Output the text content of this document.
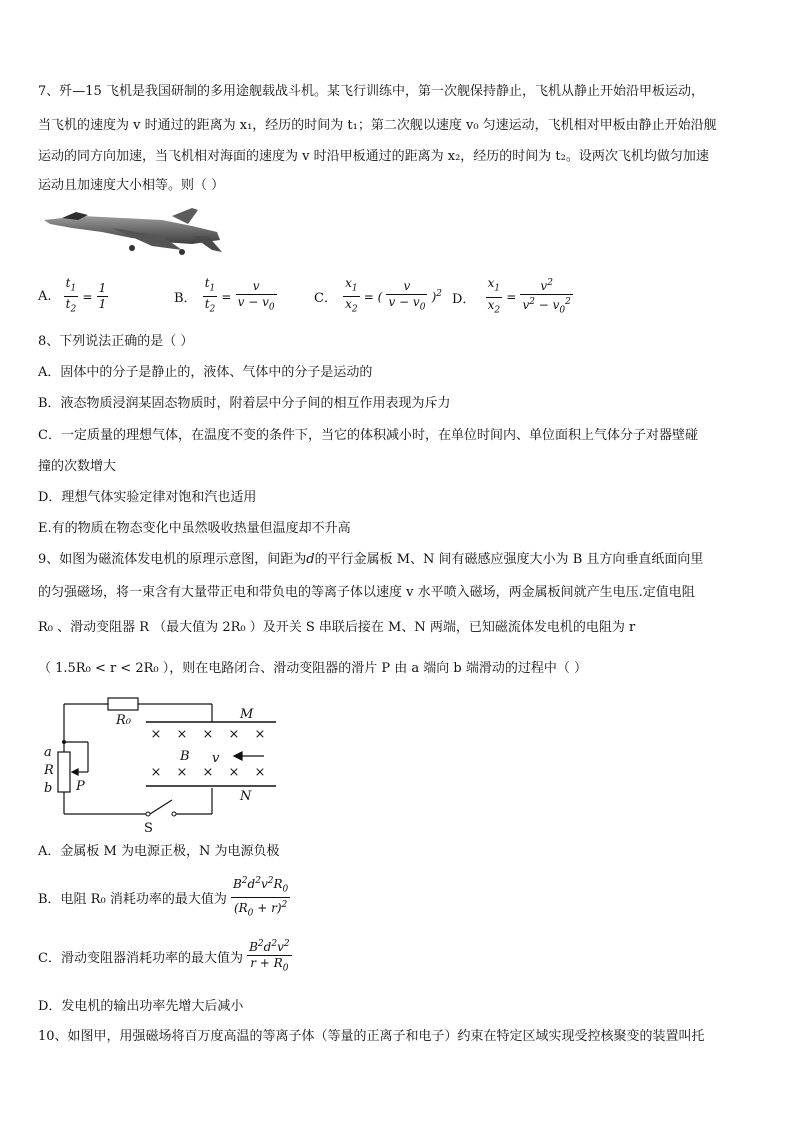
7、歼—15 飞机是我国研制的多用途舰载战斗机。某飞行训练中，第一次舰保持静止，飞机从静止开始沿甲板运动，
当飞机的速度为 v 时通过的距离为 x₁，经历的时间为 t₁；第二次舰以速度 v₀ 匀速运动，飞机相对甲板由静止开始沿舰
运动的同方向加速，当飞机相对海面的速度为 v 时沿甲板通过的距离为 x₂，经历的时间为 t₂。设两次飞机均做匀加速
运动且加速度大小相等。则（ ）
A. $\frac{t_1}{t_2} = \frac{1}{1}$	B． $\frac{t_1}{t_2} = \frac{v}{v - v_0}$	C． $\frac{x_1}{x_2}$ = ( $\frac{v}{v - v_0} )^2$ D． $\frac{x_1}{x_2} = \frac{v^2}{v^2 - v_0^2}$
8、下列说法正确的是（ ）
A．固体中的分子是静止的，液体、气体中的分子是运动的
B．液态物质浸润某固态物质时，附着层中分子间的相互作用表现为斥力
C．一定质量的理想气体，在温度不变的条件下，当它的体积减小时，在单位时间内、单位面积上气体分子对器壁碰
撞的次数增大
D．理想气体实验定律对饱和汽也适用
E.有的物质在物态变化中虽然吸收热量但温度却不升高
9、如图为磁流体发电机的原理示意图，间距为d的平行金属板 M、N 间有磁感应强度大小为 B 且方向垂直纸面向里
的匀强磁场，将一束含有大量带正电和带负电的等离子体以速度 v 水平喷入磁场，两金属板间就产生电压.定值电阻
R₀ 、滑动变阻器 R （最大值为 2R₀ ）及开关 S 串联后接在 M、N 两端，已知磁流体发电机的电阻为 r
（ 1.5R₀ < r < 2R₀ ），则在电路闭合、滑动变阻器的滑片 P 由 a 端向 b 端滑动的过程中（ ）
× × × × ×
× × × × ×
R₀	M
N
B v
a
R
b P
S
A．金属板 M 为电源正极，N 为电源负极
B．电阻 R₀ 消耗功率的最大值为 $\frac{B^2d^2v^2R_0}{(R_0 + r)^2}$
C．滑动变阻器消耗功率的最大值为 $\frac{B^2d^2v^2}{r + R_0}$
D．发电机的输出功率先增大后减小
10、如图甲，用强磁场将百万度高温的等离子体（等量的正离子和电子）约束在特定区域实现受控核聚变的装置叫托
